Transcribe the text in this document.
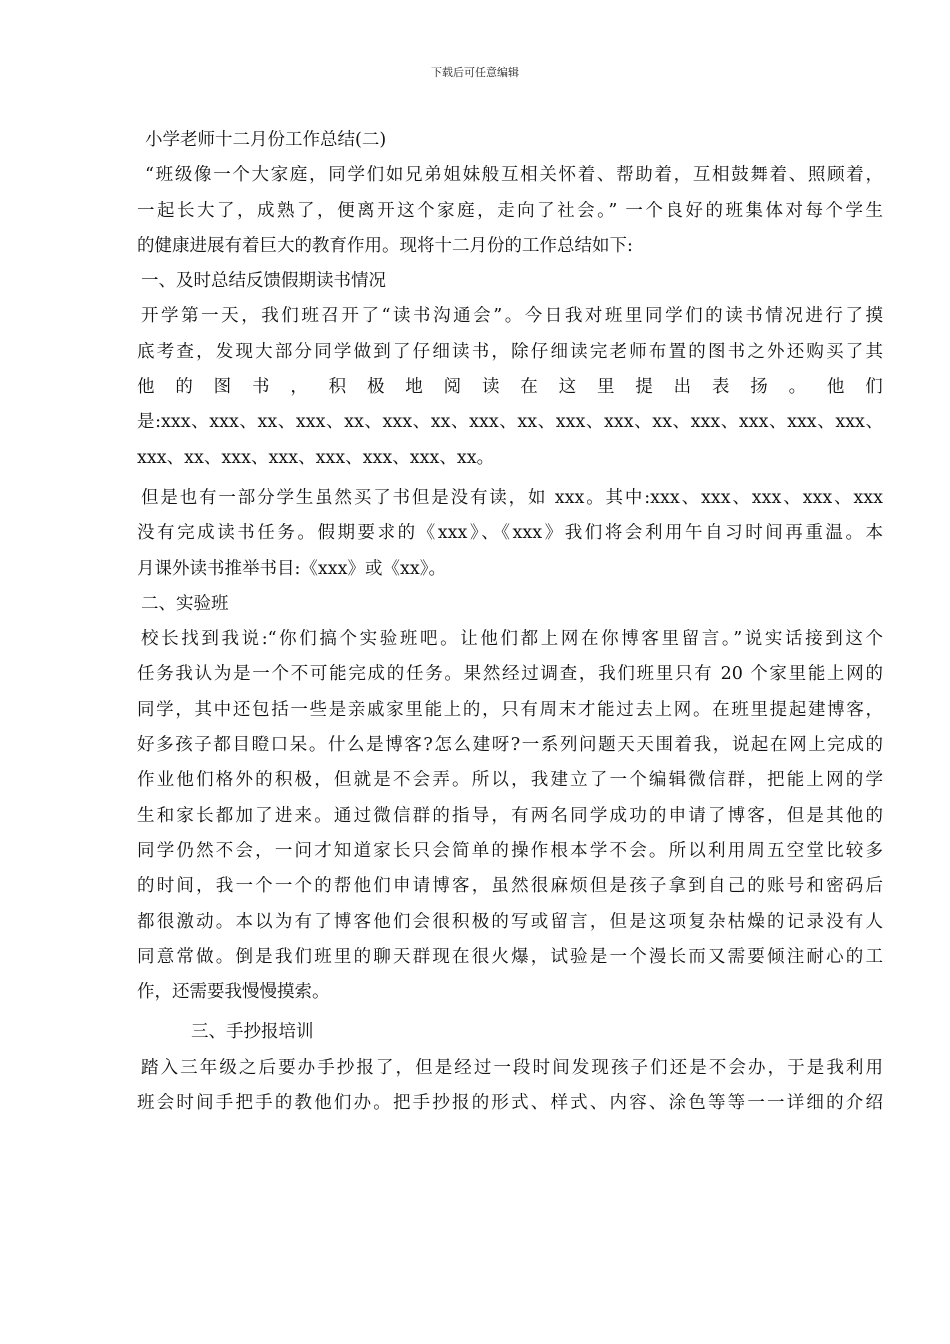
下载后可任意编辑
小学老师十二月份工作总结(二)
“班级像一个大家庭，同学们如兄弟姐妹般互相关怀着、帮助着，互相鼓舞着、照顾着，
一起长大了，成熟了，便离开这个家庭，走向了社会。” 一个良好的班集体对每个学生
的健康进展有着巨大的教育作用。现将十二月份的工作总结如下:
一、及时总结反馈假期读书情况
开学第一天，我们班召开了“读书沟通会”。今日我对班里同学们的读书情况进行了摸
底考查，发现大部分同学做到了仔细读书，除仔细读完老师布置的图书之外还购买了其
他 的 图 书 ， 积 极 地 阅 读 在 这 里 提 出 表 扬 。 他 们
是:xxx、xxx、xx、xxx、xx、xxx、xx、xxx、xx、xxx、xxx、xx、xxx、xxx、xxx、xxx、
xxx、xx、xxx、xxx、xxx、xxx、xxx、xx。
但是也有一部分学生虽然买了书但是没有读，如 xxx。其中:xxx、xxx、xxx、xxx、xxx
没有完成读书任务。假期要求的《xxx》、《xxx》我们将会利用午自习时间再重温。本
月课外读书推举书目:《xxx》或《xx》。
二、实验班
校长找到我说:“你们搞个实验班吧。让他们都上网在你博客里留言。”说实话接到这个
任务我认为是一个不可能完成的任务。果然经过调查，我们班里只有 20 个家里能上网的
同学，其中还包括一些是亲戚家里能上的，只有周末才能过去上网。在班里提起建博客，
好多孩子都目瞪口呆。什么是博客?怎么建呀?一系列问题天天围着我，说起在网上完成的
作业他们格外的积极，但就是不会弄。所以，我建立了一个编辑微信群，把能上网的学
生和家长都加了进来。通过微信群的指导，有两名同学成功的申请了博客，但是其他的
同学仍然不会，一问才知道家长只会简单的操作根本学不会。所以利用周五空堂比较多
的时间，我一个一个的帮他们申请博客，虽然很麻烦但是孩子拿到自己的账号和密码后
都很激动。本以为有了博客他们会很积极的写或留言，但是这项复杂枯燥的记录没有人
同意常做。倒是我们班里的聊天群现在很火爆，试验是一个漫长而又需要倾注耐心的工
作，还需要我慢慢摸索。
三、手抄报培训
踏入三年级之后要办手抄报了，但是经过一段时间发现孩子们还是不会办，于是我利用
班会时间手把手的教他们办。把手抄报的形式、样式、内容、涂色等等一一详细的介绍
